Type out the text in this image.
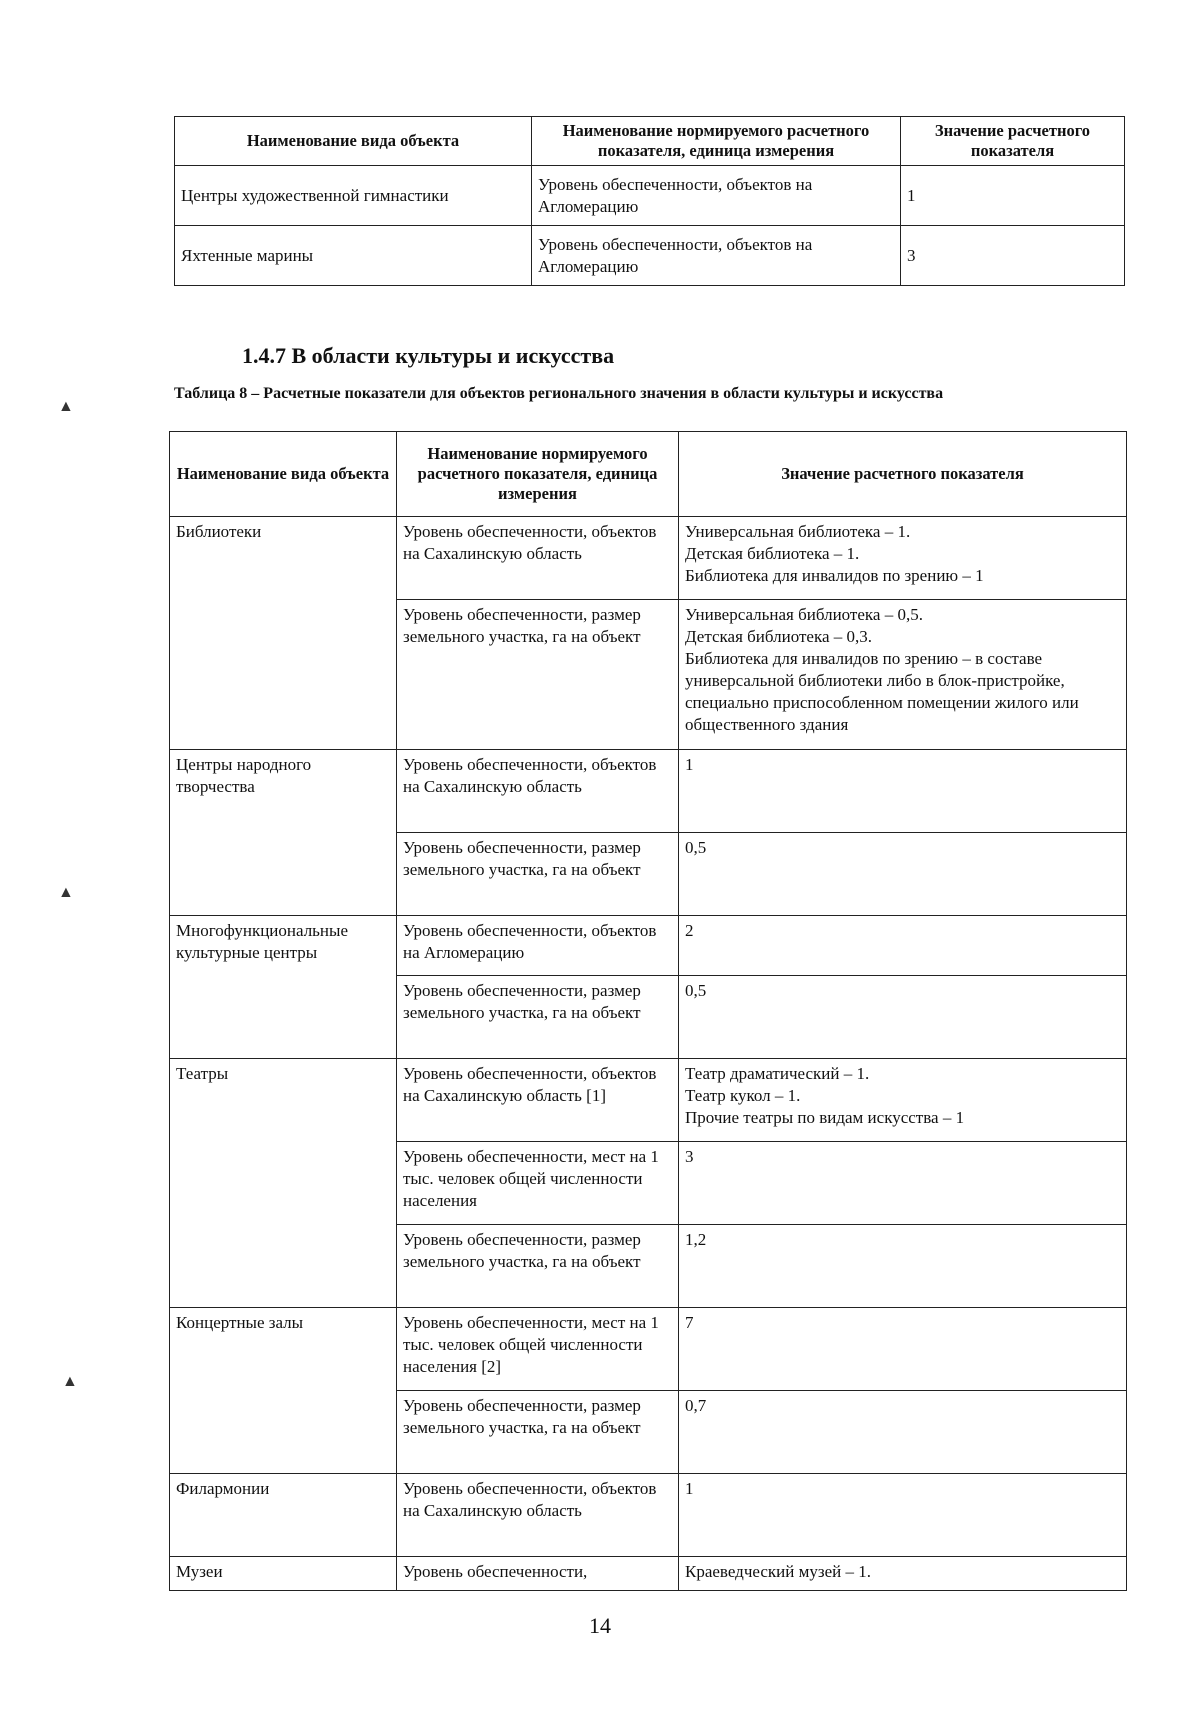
Наименование вида объекта	Наименование нормируемого расчетного показателя, единица измерения	Значение расчетного показателя
Центры художественной гимнастики	Уровень обеспеченности, объектов на Агломерацию	1
Яхтенные марины	Уровень обеспеченности, объектов на Агломерацию	3
1.4.7 В области культуры и искусства
Таблица 8 – Расчетные показатели для объектов регионального значения в области культуры и искусства
Наименование вида объекта	Наименование нормируемого расчетного показателя, единица измерения	Значение расчетного показателя
Библиотеки	Уровень обеспеченности, объектов на Сахалинскую область	Универсальная библиотека – 1.
Детская библиотека – 1.
Библиотека для инвалидов по зрению – 1

	Уровень обеспеченности, размер земельного участка, га на объект	Универсальная библиотека – 0,5.
Детская библиотека – 0,3.
Библиотека для инвалидов по зрению – в составе универсальной библиотеки либо в блок-пристройке, специально приспособленном помещении жилого или общественного здания

Центры народного творчества	Уровень обеспеченности, объектов на Сахалинскую область	1

	Уровень обеспеченности, размер земельного участка, га на объект	0,5

Многофункциональные культурные центры	Уровень обеспеченности, объектов на Агломерацию	2

	Уровень обеспеченности, размер земельного участка, га на объект	0,5

Театры	Уровень обеспеченности, объектов на Сахалинскую область [1]	Театр драматический – 1.
Театр кукол – 1.
Прочие театры по видам искусства – 1

	Уровень обеспеченности, мест на 1 тыс. человек общей численности населения	3

	Уровень обеспеченности, размер земельного участка, га на объект	1,2

Концертные залы	Уровень обеспеченности, мест на 1 тыс. человек общей численности населения [2]	7

	Уровень обеспеченности, размер земельного участка, га на объект	0,7

Филармонии	Уровень обеспеченности, объектов на Сахалинскую область	1

Музеи	Уровень обеспеченности,	Краеведческий музей – 1.
14
▲
▲
▲
